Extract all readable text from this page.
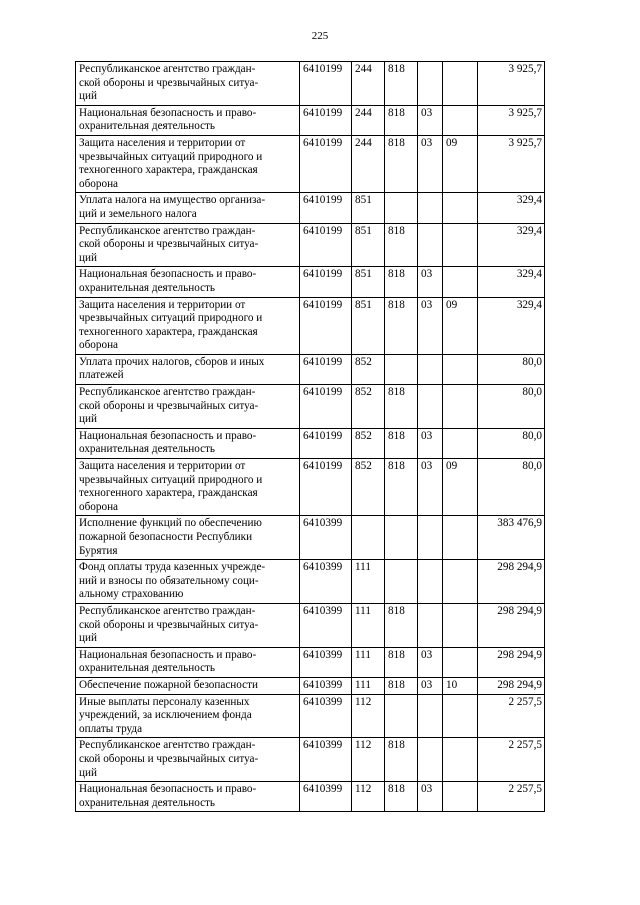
225
Республиканское агентство граждан-
ской обороны и чрезвычайных ситуа-
ций	6410199	244	818			3 925,7

Национальная безопасность и право-
охранительная деятельность	6410199	244	818	03		3 925,7

Защита населения и территории от
чрезвычайных ситуаций природного и
техногенного характера, гражданская
оборона	6410199	244	818	03	09	3 925,7

Уплата налога на имущество организа-
ций и земельного налога	6410199	851				329,4

Республиканское агентство граждан-
ской обороны и чрезвычайных ситуа-
ций	6410199	851	818			329,4

Национальная безопасность и право-
охранительная деятельность	6410199	851	818	03		329,4

Защита населения и территории от
чрезвычайных ситуаций природного и
техногенного характера, гражданская
оборона	6410199	851	818	03	09	329,4

Уплата прочих налогов, сборов и иных
платежей	6410199	852				80,0

Республиканское агентство граждан-
ской обороны и чрезвычайных ситуа-
ций	6410199	852	818			80,0

Национальная безопасность и право-
охранительная деятельность	6410199	852	818	03		80,0

Защита населения и территории от
чрезвычайных ситуаций природного и
техногенного характера, гражданская
оборона	6410199	852	818	03	09	80,0

Исполнение функций по обеспечению
пожарной безопасности Республики
Бурятия	6410399					383 476,9

Фонд оплаты труда казенных учрежде-
ний и взносы по обязательному соци-
альному страхованию	6410399	111				298 294,9

Республиканское агентство граждан-
ской обороны и чрезвычайных ситуа-
ций	6410399	111	818			298 294,9

Национальная безопасность и право-
охранительная деятельность	6410399	111	818	03		298 294,9

Обеспечение пожарной безопасности	6410399	111	818	03	10	298 294,9

Иные выплаты персоналу казенных
учреждений, за исключением фонда
оплаты труда	6410399	112				2 257,5

Республиканское агентство граждан-
ской обороны и чрезвычайных ситуа-
ций	6410399	112	818			2 257,5

Национальная безопасность и право-
охранительная деятельность	6410399	112	818	03		2 257,5
